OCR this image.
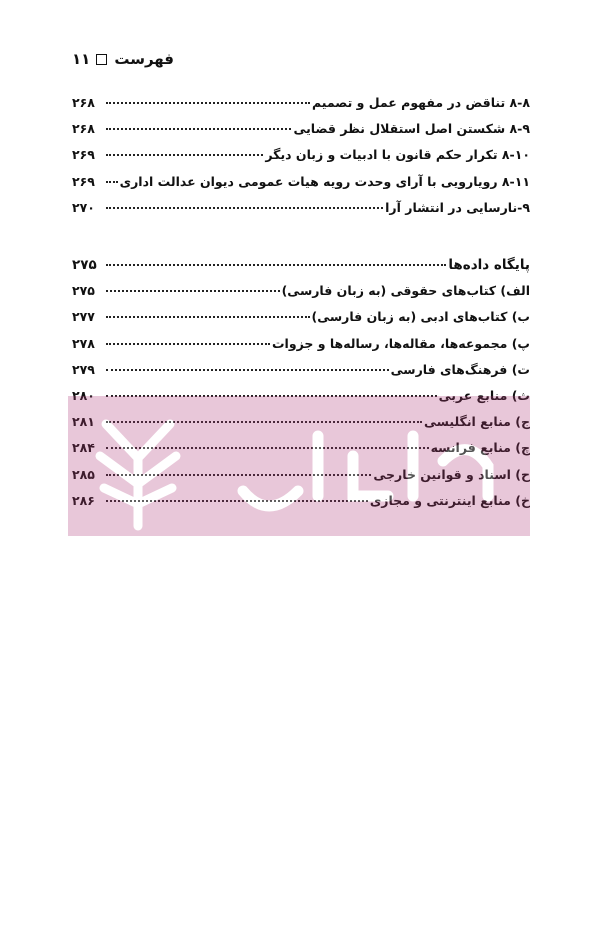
۱۱ فهرست
۸-۸ تناقض در مفهوم عمل و تصمیم
۲۶۸
۸-۹ شکستن اصل استقلال نظر قضایی
۲۶۸
۸-۱۰ تکرار حکم قانون با ادبیات و زبان دیگر
۲۶۹
۸-۱۱ رویارویی با آرای وحدت رویه هیات عمومی دیوان عدالت اداری
۲۶۹
۹-نارسایی در انتشار آرا
۲۷۰
پایگاه داده‌ها
۲۷۵
الف) کتاب‌های حقوقی (به زبان فارسی)
۲۷۵
ب) کتاب‌های ادبی (به زبان فارسی)
۲۷۷
پ) مجموعه‌ها، مقاله‌ها، رساله‌ها و جزوات
۲۷۸
ت) فرهنگ‌های فارسی
۲۷۹
ث) منابع عربی
۲۸۰
ج) منابع انگلیسی
۲۸۱
چ) منابع فرانسه
۲۸۴
ح) اسناد و قوانین خارجی
۲۸۵
خ) منابع اینترنتی و مجازی
۲۸۶
